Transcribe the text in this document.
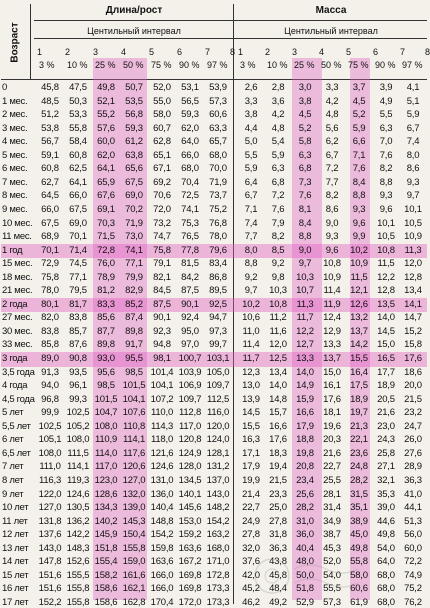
Возраст
Длина/рост	Масса
Центильный интервал	Центильный интервал
1	2	3	4	5	6	7 8
3 % 10 % 25 % 50 % 75 % 90 % 97 %
1 2 3 4 5 6 7 8
3 % 10 % 25 % 50 % 75 % 90 % 97 %
0	45,8	47,5	49,8	50,7	52,0	53,1	53,9	2,6	2,8	3,0	3,3	3,7	3,9	4,1
1 мес.	48,5	50,3	52,1	53,5	55,0	56,5	57,3	3,3	3,6	3,8	4,2	4,5	4,9	5,1
2 мес.	51,2	53,3	55,2	56,8	58,0	59,3	60,6	3,8	4,2	4,5	4,8	5,2	5,5	5,9
3 мес.	53,8	55,8	57,6	59,3	60,7	62,0	63,3	4,4	4,8	5,2	5,6	5,9	6,3	6,7
4 мес.	56,7	58,4	60,0	61,2	62,8	64,0	65,7	5,0	5,4	5,8	6,2	6,6	7,0	7,4
5 мес.	59,1	60,8	62,0	63,8	65,1	66,0	68,0	5,5	5,9	6,3	6,7	7,1	7,6	8,0
6 мес.	60,8	62,5	64,1	65,6	67,1	68,0	70,0	5,9	6,3	6,8	7,2	7,6	8,2	8,6
7 мес.	62,7	64,1	65,9	67,5	69,2	70,4	71,9	6,4	6,8	7,3	7,7	8,4	8,8	9,3
8 мес.	64,5	66,0	67,6	69,0	70,6	72,5	73,7	6,7	7,2	7,6	8,2	8,8	9,3	9,7
9 мес.	66,0	67,5	69,1	70,2	72,0	74,1	75,2	7,1	7,6	8,1	8,6	9,3	9,6	10,1
10 мес. 67,5	69,0	70,3	71,9	73,2	75,3	76,8	7,4	7,9	8,4	9,0	9,6	10,1 10,5
11 мес.	68,9	70,1	71,5	73,0	74,7	76,5	78,0	7,7	8,2	8,8	9,3	9,9	10,5 10,9
1 год	70,1	71,4	72,8	74,1	75,8	77,8	79,6	8,0	8,5	9,0	9,6	10,2 10,8	11,3
15 мес. 72,9	74,5	76,0	77,1	79,1	81,5	83,4	8,8	9,2	9,7	10,8 10,9	11,5	12,0
18 мес. 75,8	77,1	78,9	79,9	82,1	84,2	86,8	9,2	9,8	10,3 10,9	11,5	12,2 12,8
21 мес. 78,0	79,5	81,2	82,9	84,5	87,5	89,5	9,7	10,3 10,7	11,4	12,1 12,8 13,4
2 года	80,1	81,7	83,3	85,2	87,5	90,1	92,5	10,2 10,8	11,3	11,9	12,6 13,5 14,1
27 мес. 82,0	83,8	85,6	87,4	90,1	92,4	94,7	10,6	11,2	11,7	12,4 13,2 14,0 14,7
30 мес. 83,8	85,7	87,7	89,8	92,3	95,0	97,3	11,0	11,6	12,2 12,9 13,7 14,5 15,2
33 мес. 85,8	87,6	89,8	91,7	94,8	97,0	99,7	11,4	12,0 12,7 13,3 14,2 15,0 15,8
3 года	89,0	90,8	93,0	95,5	98,1 100,7 103,1	11,7	12,5 13,3 13,7 15,5 16,5 17,6
3,5 года 91,3	93,5	95,6	98,5 101,4 103,9 105,0	12,3 13,4 14,0 15,0 16,4 17,7 18,6
4 года	94,0	96,1	98,5 101,5 104,1 106,9 109,7	13,0 14,0 14,9 16,1 17,5 18,9 20,0
4,5 года 96,8	99,3 101,5 104,1 107,2 109,7 112,5	13,9 14,8 15,9 17,6 18,9 20,5 21,5
5 лет	99,9 102,5 104,7 107,6 110,0 112,8 116,0	14,5 15,7 16,6 18,1 19,7 21,6 23,2
5,5 лет 102,5 105,2 108,0 110,8 114,3 117,0 120,0	15,5 16,6 17,9 19,6 21,3 23,0 24,7
6 лет	105,1 108,0 110,9 114,1 118,0 120,8 124,0	16,3 17,6 18,8 20,3 22,1 24,3 26,0
6,5 лет 108,0 111,5 114,0 117,6 121,6 124,9 128,1	17,1 18,3 19,8 21,6 23,6 25,8 27,6
7 лет	111,0 114,1 117,0 120,6 124,6 128,0 131,2	17,9 19,4 20,8 22,7 24,8 27,1 28,9
8 лет	116,3 119,3 123,0 127,0 131,0 134,5 137,0	19,9 21,5 23,4 25,5 28,2 32,1 36,3
9 лет	122,0 124,6 128,6 132,0 136,0 140,1 143,0	21,4 23,3 25,6 28,1 31,5 35,3 41,0
10 лет	127,0 130,5 134,3 139,0 140,4 145,6 148,2	22,7 25,0 28,2 31,4 35,1 39,0 44,1
11 лет	131,8 136,2 140,2 145,3 148,8 153,0 154,2	24,9 27,8 31,0 34,9 38,9 44,6 51,3
12 лет	137,6 142,2 145,9 150,4 154,2 159,2 163,2	27,8 31,8 36,0 38,7 45,0 49,8 56,0
13 лет	143,0 148,3 151,8 155,8 159,8 163,6 168,0	32,0 36,3 40,4 45,3 49,8 54,0 60,0
14 лет	147,8 152,6 155,4 159,0 163,6 167,2 171,0	37,6 43,8 48,0 52,0 55,8 64,0 72,2
15 лет	151,6 155,5 158,2 161,6 166,0 169,8 172,8	42,0 45,8 50,0 54,0 58,0 68,0 74,9
16 лет	151,6 155,8 158,6 162,1 166,0 169,8 173,3	45,2 48,4 51,8 55,5 60,6 68,0 75,2
17 лет	152,2 155,8 158,6 162,8 170,4 172,0 173,3	46,2 49,2 52,9 57,3 61,9 68,0 76,2
